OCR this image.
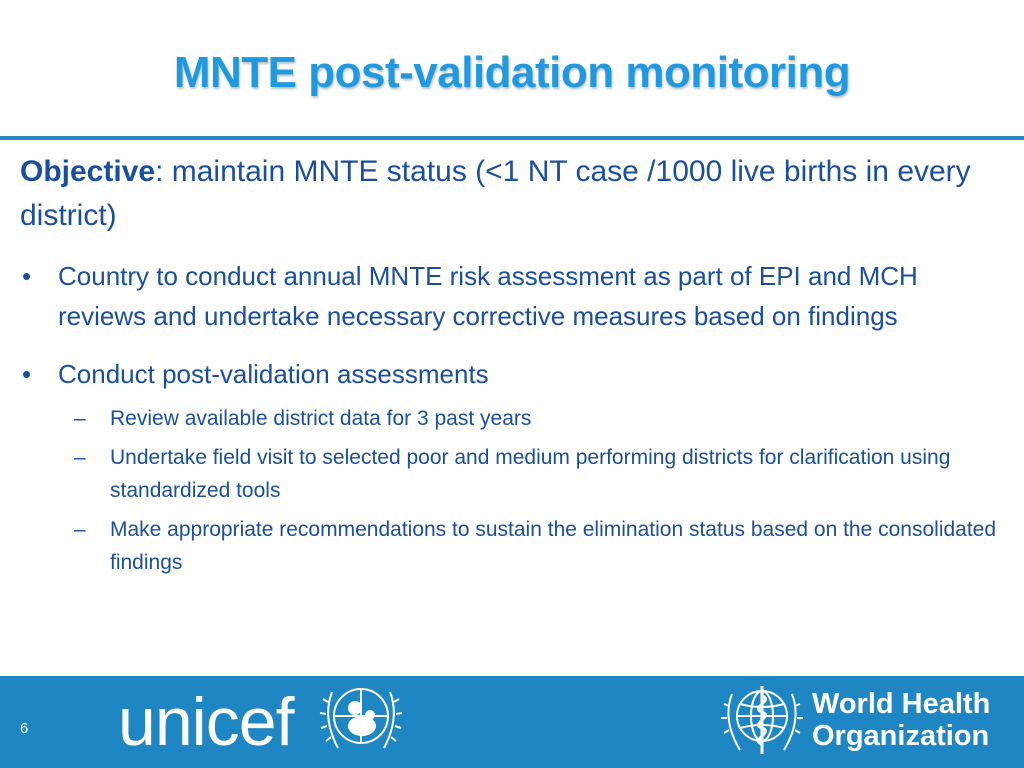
MNTE post-validation monitoring

Objective: maintain MNTE status (<1 NT case /1000 live births in every district)

• Country to conduct annual MNTE risk assessment as part of EPI and MCH reviews and undertake necessary corrective measures based on findings
• Conduct post-validation assessments
– Review available district data for 3 past years
– Undertake field visit to selected poor and medium performing districts for clarification using standardized tools
– Make appropriate recommendations to sustain the elimination status based on the consolidated findings
6 unicef	World Health
Organization
